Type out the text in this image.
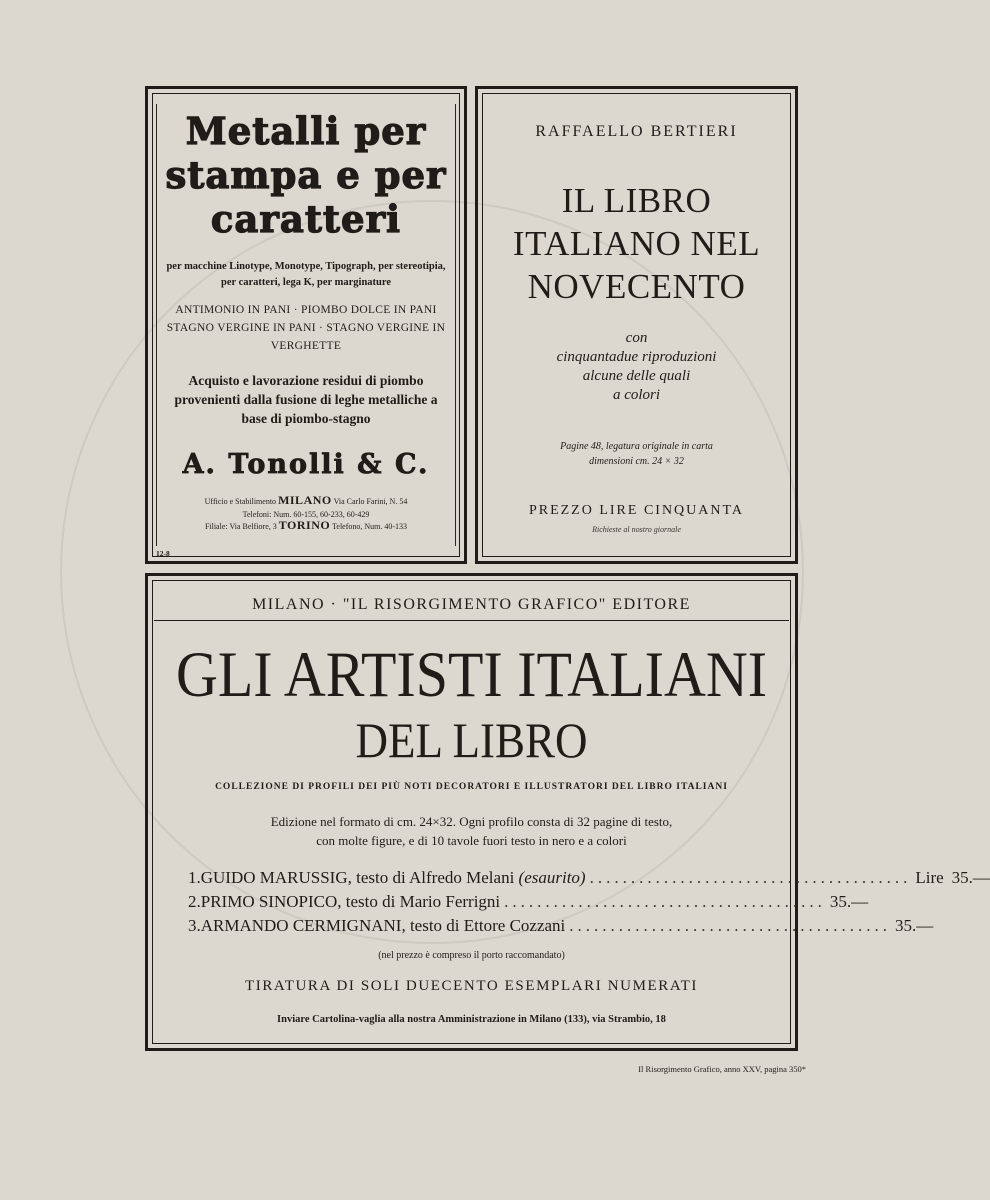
Metalli per
stampa e per
caratteri
per macchine Linotype, Monotype, Tipograph, per stereotipia, per caratteri, lega K, per marginature
ANTIMONIO IN PANI · PIOMBO DOLCE IN PANI STAGNO VERGINE IN PANI · STAGNO VERGINE IN VERGHETTE
Acquisto e lavorazione residui di piombo provenienti dalla fusione di leghe metalliche a base di piombo-stagno
A. Tonolli & C.
Ufficio e Stabilimento MILANO Via Carlo Farini, N. 54
Telefoni: Num. 60-155, 60-233, 60-429
Filiale: Via Belfiore, 3 TORINO Telefono, Num. 40-133
12-8
RAFFAELLO BERTIERI
IL LIBRO
ITALIANO NEL
NOVECENTO
con
cinquantadue riproduzioni
alcune delle quali
a colori
Pagine 48, legatura originale in carta
dimensioni cm. 24 × 32
PREZZO LIRE CINQUANTA
Richieste al nostro giornale
MILANO · "IL RISORGIMENTO GRAFICO" EDITORE
GLI ARTISTI ITALIANI
DEL LIBRO
COLLEZIONE DI PROFILI DEI PIÙ NOTI DECORATORI E ILLUSTRATORI DEL LIBRO ITALIANI
Edizione nel formato di cm. 24×32. Ogni profilo consta di 32 pagine di testo,
con molte figure, e di 10 tavole fuori testo in nero e a colori
1. GUIDO MARUSSIG,
testo di Alfredo Melani
(esaurito) ....................................... Lire 35.—
2. PRIMO SINOPICO,
testo di Mario Ferrigni ....................................... 35.—
3. ARMANDO CERMIGNANI,
testo di Ettore Cozzani ....................................... 35.—
(nel prezzo è compreso il porto raccomandato)
TIRATURA DI SOLI DUECENTO ESEMPLARI NUMERATI
Inviare Cartolina-vaglia alla nostra Amministrazione in Milano (133), via Strambio, 18
Il Risorgimento Grafico, anno XXV, pagina 350*
